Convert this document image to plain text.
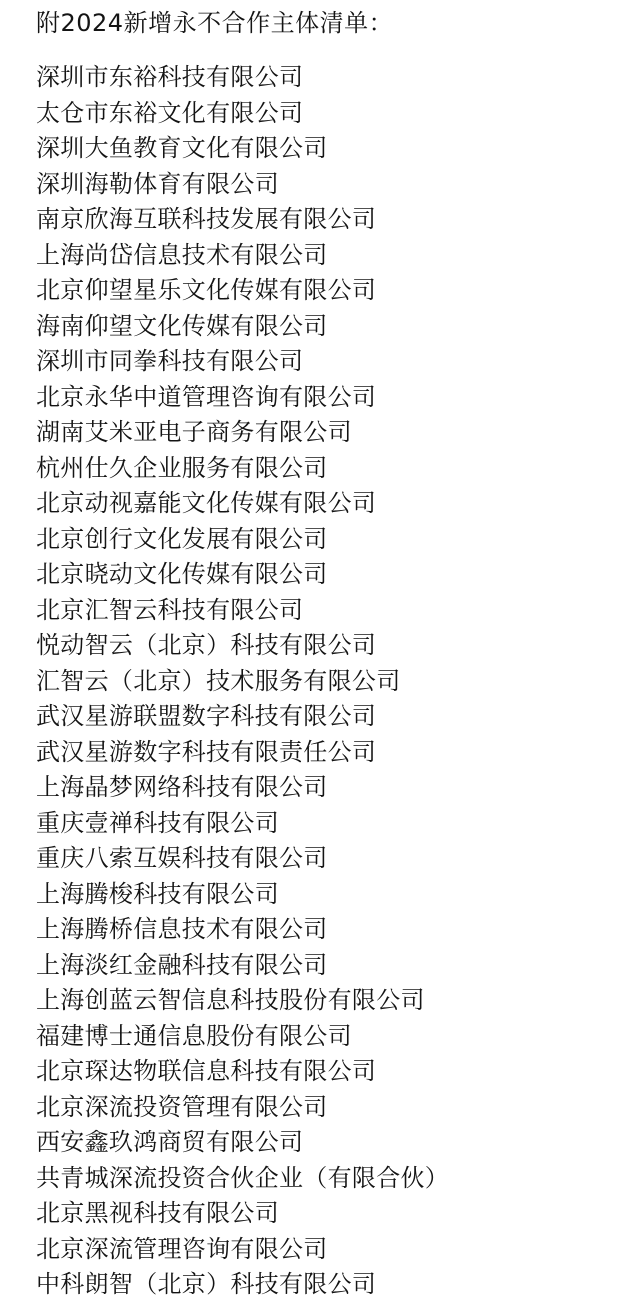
附2024新增永不合作主体清单：
深圳市东裕科技有限公司
太仓市东裕文化有限公司
深圳大鱼教育文化有限公司
深圳海勒体育有限公司
南京欣海互联科技发展有限公司
上海尚岱信息技术有限公司
北京仰望星乐文化传媒有限公司
海南仰望文化传媒有限公司
深圳市同拳科技有限公司
北京永华中道管理咨询有限公司
湖南艾米亚电子商务有限公司
杭州仕久企业服务有限公司
北京动视嘉能文化传媒有限公司
北京创行文化发展有限公司
北京晓动文化传媒有限公司
北京汇智云科技有限公司
悦动智云（北京）科技有限公司
汇智云（北京）技术服务有限公司
武汉星游联盟数字科技有限公司
武汉星游数字科技有限责任公司
上海晶梦网络科技有限公司
重庆壹禅科技有限公司
重庆八索互娱科技有限公司
上海腾梭科技有限公司
上海腾桥信息技术有限公司
上海淡红金融科技有限公司
上海创蓝云智信息科技股份有限公司
福建博士通信息股份有限公司
北京琛达物联信息科技有限公司
北京深流投资管理有限公司
西安鑫玖鸿商贸有限公司
共青城深流投资合伙企业（有限合伙）
北京黑视科技有限公司
北京深流管理咨询有限公司
中科朗智（北京）科技有限公司
